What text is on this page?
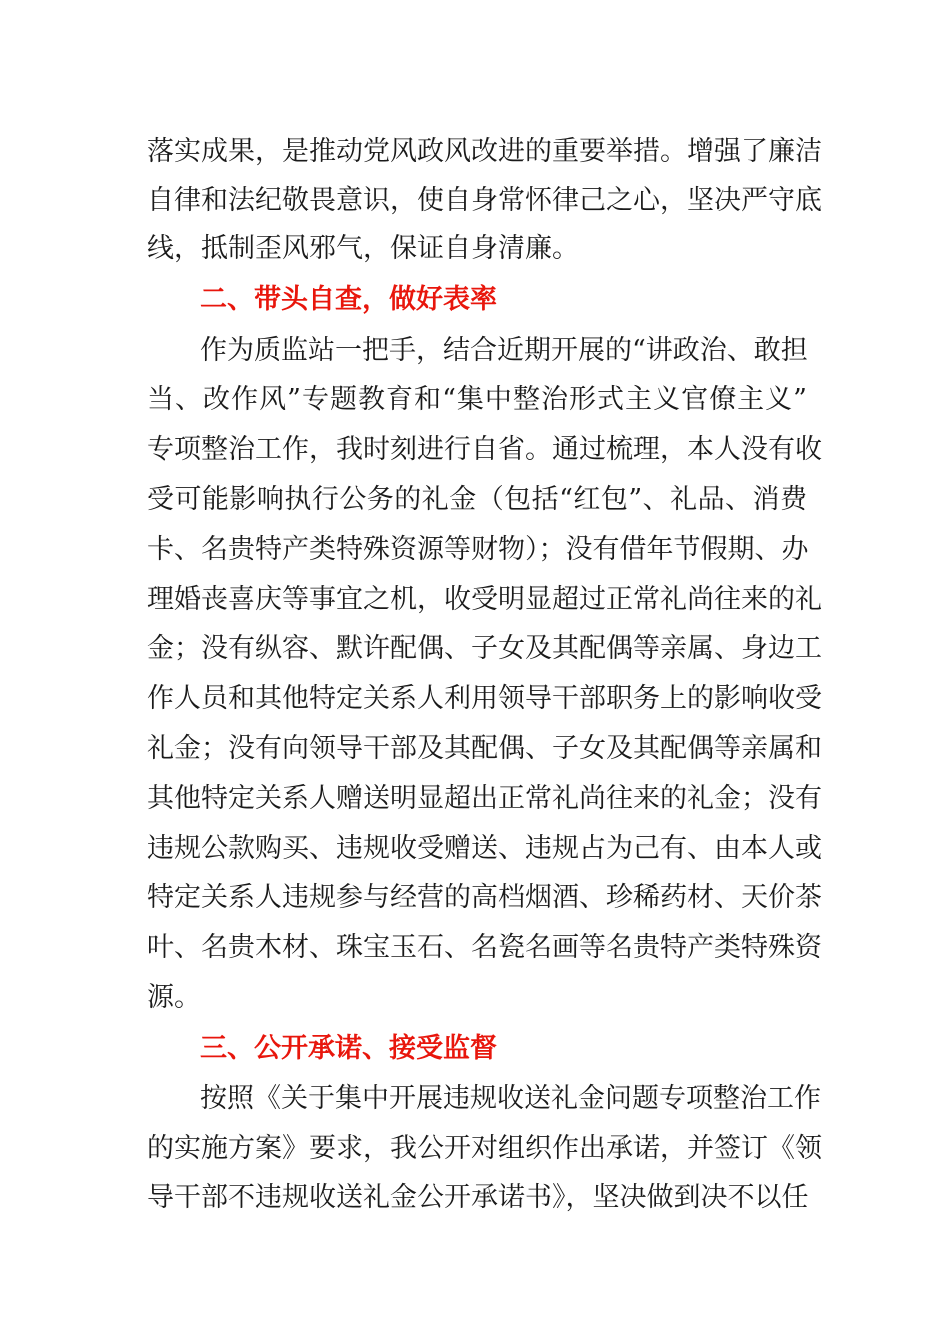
落实成果，是推动党风政风改进的重要举措。增强了廉洁
自律和法纪敬畏意识，使自身常怀律己之心，坚决严守底
线，抵制歪风邪气，保证自身清廉。
二、带头自查，做好表率
作为质监站一把手，结合近期开展的“讲政治、敢担
当、改作风”专题教育和“集中整治形式主义官僚主义”
专项整治工作，我时刻进行自省。通过梳理，本人没有收
受可能影响执行公务的礼金（包括“红包”、礼品、消费
卡、名贵特产类特殊资源等财物）；没有借年节假期、办
理婚丧喜庆等事宜之机，收受明显超过正常礼尚往来的礼
金；没有纵容、默许配偶、子女及其配偶等亲属、身边工
作人员和其他特定关系人利用领导干部职务上的影响收受
礼金；没有向领导干部及其配偶、子女及其配偶等亲属和
其他特定关系人赠送明显超出正常礼尚往来的礼金；没有
违规公款购买、违规收受赠送、违规占为己有、由本人或
特定关系人违规参与经营的高档烟酒、珍稀药材、天价茶
叶、名贵木材、珠宝玉石、名瓷名画等名贵特产类特殊资
源。
三、公开承诺、接受监督
按照《关于集中开展违规收送礼金问题专项整治工作
的实施方案》要求，我公开对组织作出承诺，并签订《领
导干部不违规收送礼金公开承诺书》，坚决做到决不以任
